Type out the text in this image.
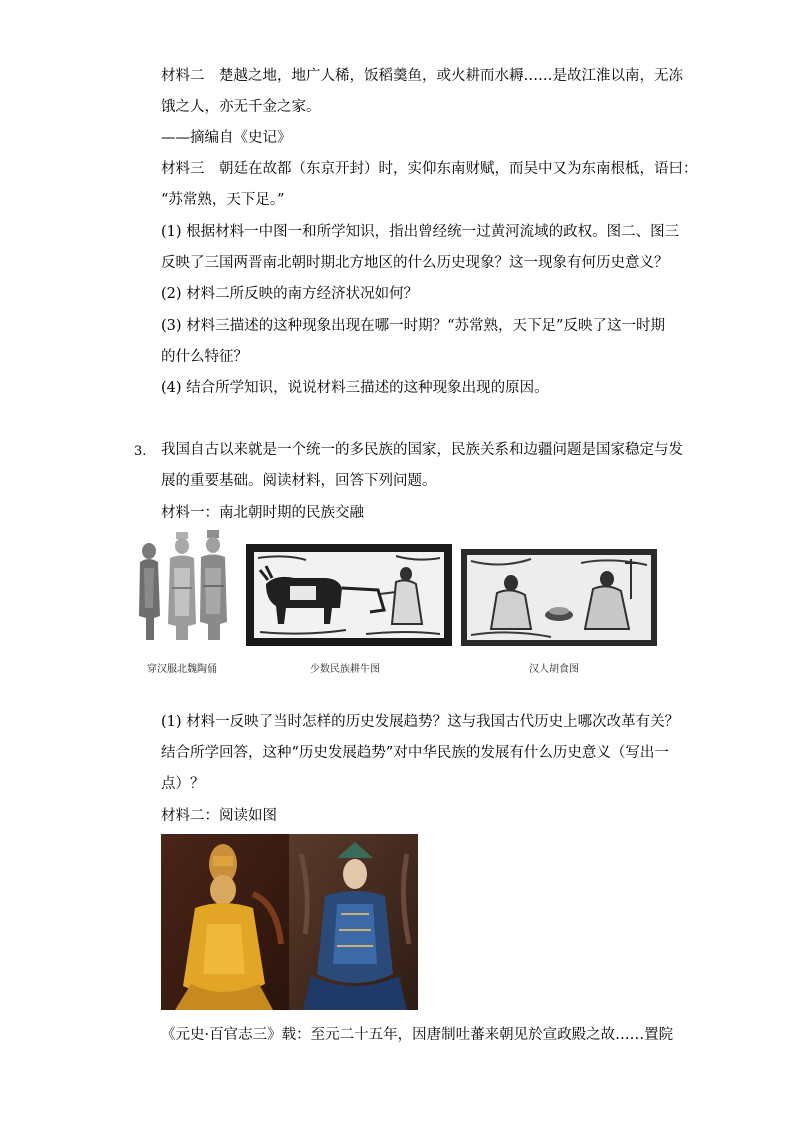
材料二　楚越之地，地广人稀，饭稻羹鱼，或火耕而水耨……是故江淮以南，无冻
饿之人，亦无千金之家。
——摘编自《史记》
材料三　朝廷在故都（东京开封）时，实仰东南财赋，而吴中又为东南根柢，语曰：
“苏常熟，天下足。”
(1) 根据材料一中图一和所学知识，指出曾经统一过黄河流域的政权。图二、图三
反映了三国两晋南北朝时期北方地区的什么历史现象？这一现象有何历史意义？
(2) 材料二所反映的南方经济状况如何？
(3) 材料三描述的这种现象出现在哪一时期？“苏常熟，天下足”反映了这一时期
的什么特征？
(4) 结合所学知识，说说材料三描述的这种现象出现的原因。
3. 我国自古以来就是一个统一的多民族的国家，民族关系和边疆问题是国家稳定与发
展的重要基础。阅读材料，回答下列问题。
材料一：南北朝时期的民族交融
穿汉服北魏陶俑	少数民族耕牛图	汉人胡食图
(1) 材料一反映了当时怎样的历史发展趋势？这与我国古代历史上哪次改革有关？
结合所学回答，这种“历史发展趋势”对中华民族的发展有什么历史意义（写出一
点）？
材料二：阅读如图
《元史·百官志三》载：至元二十五年，因唐制吐蕃来朝见於宣政殿之故……置院
